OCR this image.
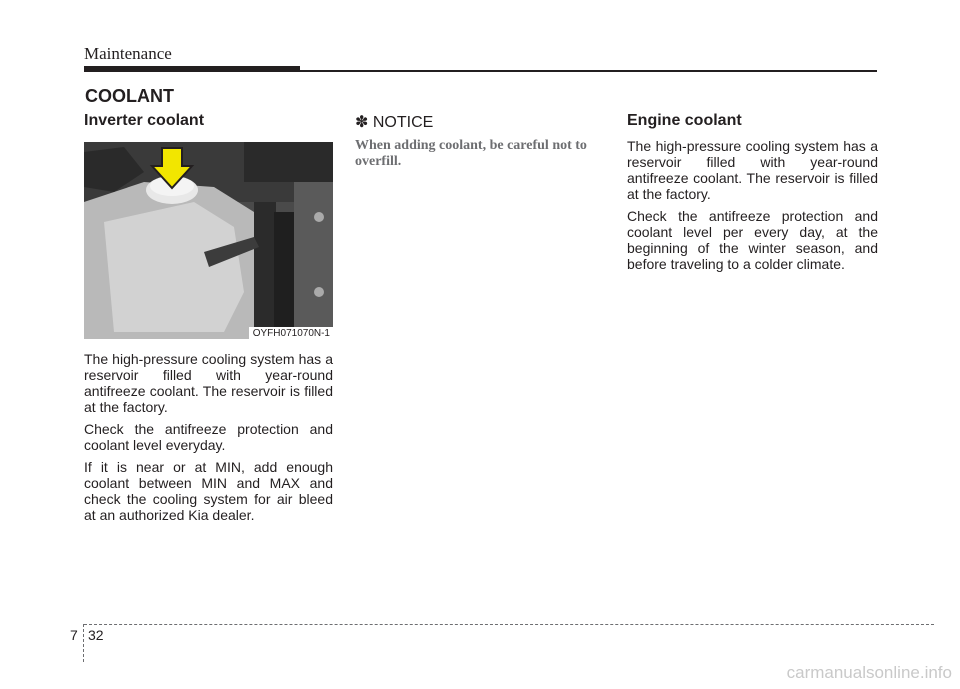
Maintenance
COOLANT
Inverter coolant
OYFH071070N-1

The high-pressure cooling system has a reservoir filled with year-round antifreeze coolant. The reservoir is filled at the factory.

Check the antifreeze protection and coolant level everyday.

If it is near or at MIN, add enough coolant between MIN and MAX and check the cooling system for air bleed at an authorized Kia dealer.

✽ NOTICE
When adding coolant, be careful not to overfill.
Engine coolant

The high-pressure cooling system has a reservoir filled with year-round antifreeze coolant. The reservoir is filled at the factory.

Check the antifreeze protection and coolant level per every day, at the beginning of the winter season, and before traveling to a colder climate.

7 32
carmanualsonline.info
